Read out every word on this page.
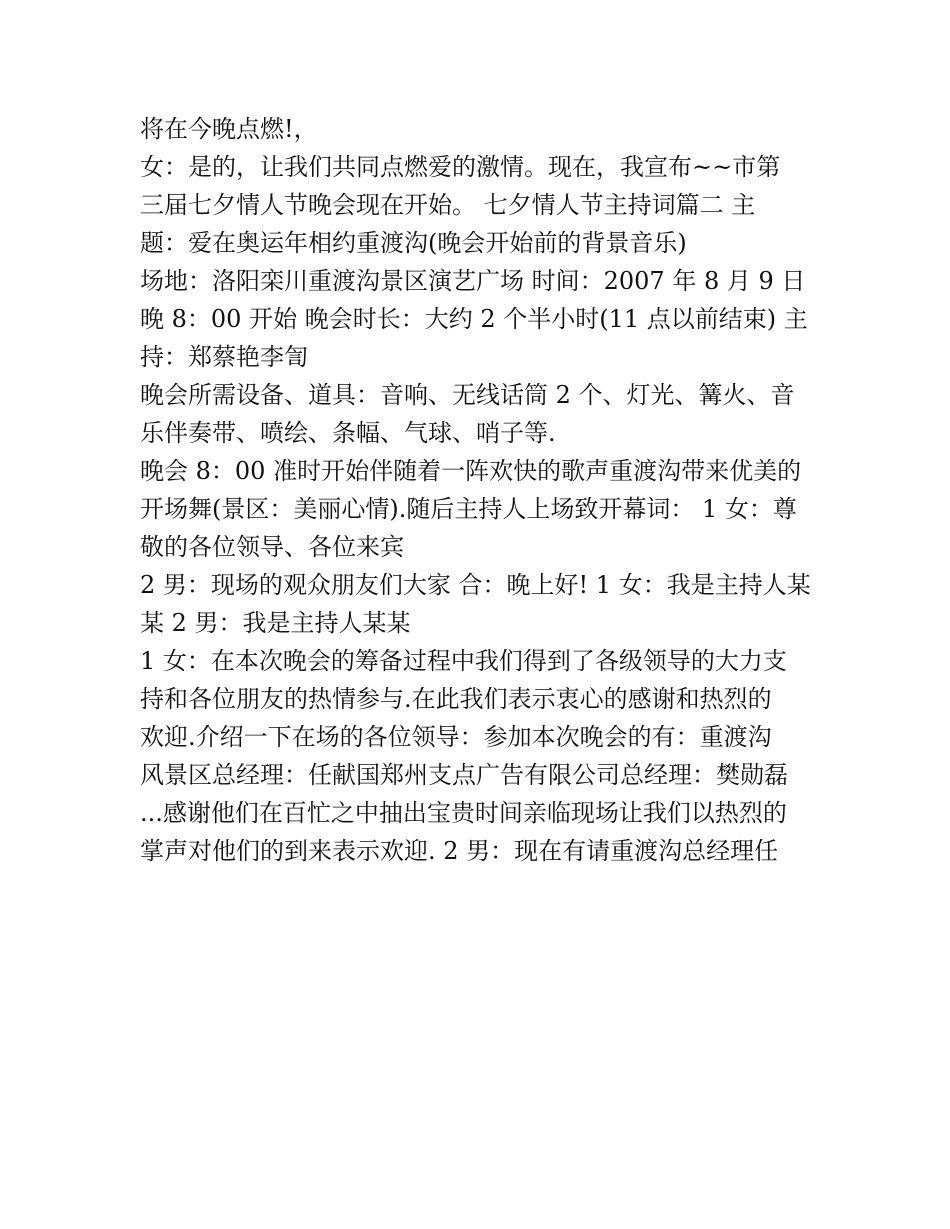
将在今晚点燃!，

女：是的，让我们共同点燃爱的激情。现在，我宣布~~市第

三届七夕情人节晚会现在开始。 七夕情人节主持词篇二 主

题：爱在奥运年相约重渡沟(晚会开始前的背景音乐)

场地：洛阳栾川重渡沟景区演艺广场 时间：2007 年 8 月 9 日

晚 8：00 开始 晚会时长：大约 2 个半小时(11 点以前结束) 主

持：郑蔡艳李訇

晚会所需设备、道具：音响、无线话筒 2 个、灯光、篝火、音

乐伴奏带、喷绘、条幅、气球、哨子等.

晚会 8：00 准时开始伴随着一阵欢快的歌声重渡沟带来优美的

开场舞(景区：美丽心情).随后主持人上场致开幕词： 1 女：尊

敬的各位领导、各位来宾

2 男：现场的观众朋友们大家 合：晚上好! 1 女：我是主持人某

某 2 男：我是主持人某某

1 女：在本次晚会的筹备过程中我们得到了各级领导的大力支

持和各位朋友的热情参与.在此我们表示衷心的感谢和热烈的

欢迎.介绍一下在场的各位领导：参加本次晚会的有：重渡沟

风景区总经理：任献国郑州支点广告有限公司总经理：樊勋磊

...感谢他们在百忙之中抽出宝贵时间亲临现场让我们以热烈的

掌声对他们的到来表示欢迎. 2 男：现在有请重渡沟总经理任
